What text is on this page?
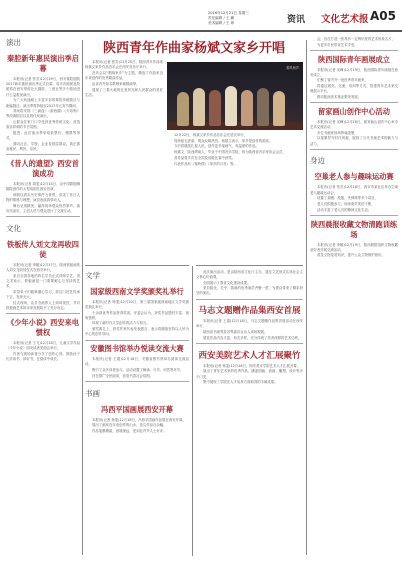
2016年12月21日 星期三
责任编辑 / 王 鹏
美术编辑 / 王 珍	资讯 文化艺术报 A05
演出
秦腔新年惠民演出季启幕

本报讯(记者 张芳)12月19日，西安秦腔剧院2017新年惠民演出季正式启幕，省市各剧团及院团将在西安易俗社大剧院、三意社等多个剧场进行公益惠民演出，

为广大戏迷献上丰富多彩的秦腔传统剧目与新编剧目。演出季将持续至2017年元宵节期间，

其间将安排《三滴血》《游西湖》《火焰驹》等经典剧目以及现代戏演出，

让群众在家门口享受到优秀传统文化，营造欢乐祥和的节日氛围。

据悉，此次演出季采取低票价、赠票等形式，

面向社区、学校、企业及基层群众，真正做到惠民、利民、乐民。

《昔人的遗望》西安首演成功

本报讯(记者 周雯)12月15日，由中国歌剧舞剧院创作的大型话剧在西安首演，

该剧以真实历史事件为背景，讲述了昔日人物的情感与理想，演员表演真挚动人，

舞台呈现精美，赢得现场观众热烈掌声。演出结束后，主创人员与观众进行了交流互动。

文化
铁板传人刘文龙再收四徒

本报讯(记者 李娜)12月17日，陕西铁板画传人刘文龙收徒仪式在西安举行，

来自全国各地的四名学员正式拜师学艺。刘文龙表示，铁板画是一门需要耐心与坚持的艺术，

希望弟子们能够潜心学习，将这门技艺传承下去，发扬光大。

仪式现场，众多书画界人士到场祝贺，并对铁板画艺术的未来发展给予了充分肯定。

《少年小说》西安来电惯权

本报讯(记者 王飞)12月18日，儿童文学作品《少年小说》西安读者见面会举行，

作者与现场读者分享了创作心得，鼓励孩子们多读书、读好书，在阅读中成长。

陕西青年作曲家杨斌文家乡开唱

本报讯(记者 张芳)12月20日，陕西青年作曲家杨斌文家乡作品音乐会在西安音乐厅举行。

音乐会以“唱响家乡”为主题，精选了作曲家近年来创作的优秀歌曲作品，

由省内外知名歌唱家倾情演绎，

展现了三秦大地的壮美风光和人民群众的美好生活。

秦风杨声

12月22日，杨斌文家乡作品音乐会在延安举行，

现场座无虚席，观众反响热烈。杨斌文表示，家乡是创作的源泉，

今后将继续扎根人民，创作更多接地气、有温度的作品。

杨斌文，陕西渭南人，毕业于中国音乐学院，现为陕西省音乐家协会会员，

其作品曾多次在全国及省级比赛中获奖。

代表作品有《秦岭情》《家乡的月亮》等。

文学
国家级西南文学奖颁奖礼举行

本报讯(记者 杨雯)12月20日，第三届国家级西南地区文学奖颁奖典礼举行，

十余部优秀作品获得奖项，评委会认为，获奖作品题材丰富、视角独特，

体现了新时代文学创作的活力与担当。

颁奖典礼上，获奖作家代表发表感言，表示将继续坚持以人民为中心的创作导向。

安徽图书馆举办悦读交流大赛

本报讯(记者 王超)12月16日，安徽省图书馆举办阅读交流活动，

吸引了众多读者参与。活动设置了朗诵、分享、问答等环节，

旨在推广全民阅读，营造书香社会氛围。

书画
冯西平国画展西安开幕

本报讯(记者 杨雯)12月18日，冯西平国画作品展在西安开幕，

展出了画家近年来创作的山水、花鸟作品百余幅，

作品笔墨精湛，意境深远，受到业内外人士好评。

此次演出活动，是由陕西省文化厅主办，通过文艺形式弘扬社会主义核心价值观，

全面展示了我省文化建设成果。

来自陕北、关中、陕南的优秀演员齐聚一堂，为观众带来了精彩纷呈的演出。

马志文题赠作品集西安首展

本报讯(记者 王超)12月18日，马志文题赠作品集首展活动在西安举行，

陕西省书画界及各界嘉宾百余人到场观展，

展览作品内容丰富，形式多样，充分体现了作者深厚的艺术功底。

西安美院艺术人才汇展聚竹

本报讯(记者 杨雯)12月16日，西安美术学院艺术人才汇展开幕，

展出了青年艺术家的优秀作品，涵盖国画、油画、雕塑、设计等多个门类，

集中展现了学院在人才培养方面取得的丰硕成果。

会，旨在打造一张具有一定辨识度的艺术形象名片，

为更多市民带来艺术享受。

陕西国际青年画展成立

本报讯(记者 吴峰)12月19日，陕西国际青年画展在西安成立，

汇聚了省内外一批优秀青年画家，

将通过展览、交流、培训等方式，搭建青年艺术家交流展示平台，

推动陕西美术事业繁荣发展。

留家画山创作中心活动

本报讯(记者 吴峰)12月16日，留家画山创作中心举办艺术交流活动，

多位书画家现场挥毫泼墨，

以笔墨抒写时代风貌，展现了当代书画艺术的魅力与活力。

身边
空巢老人参与趣味运动赛

本报讯(记者 张芳)12月18日，西安市某社区举办空巢老人趣味运动会，

设置了套圈、投篮、夹弹珠等多个项目，

老人们积极参与，现场欢声笑语不断，

活动丰富了老人们的精神文化生活。

陕西晨报收藏文物清跑训练场

本报讯(记者 李娜)12月19日，陕西晨报组织文物收藏爱好者开展交流活动，

普及文物鉴赏知识，提升公众文物保护意识。
